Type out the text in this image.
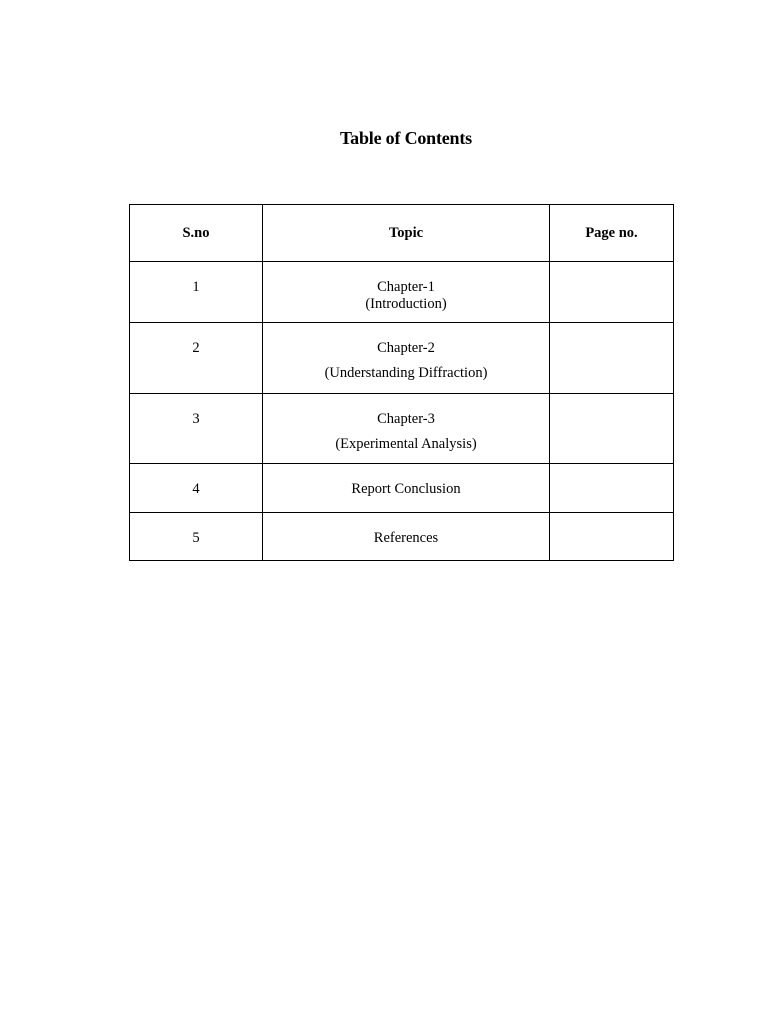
Table of Contents
S.no	Topic	Page no.

1	Chapter-1
(Introduction)	

2	Chapter-2
(Understanding Diffraction)	

3	Chapter-3
(Experimental Analysis)	

4	Report Conclusion	

5	References	
